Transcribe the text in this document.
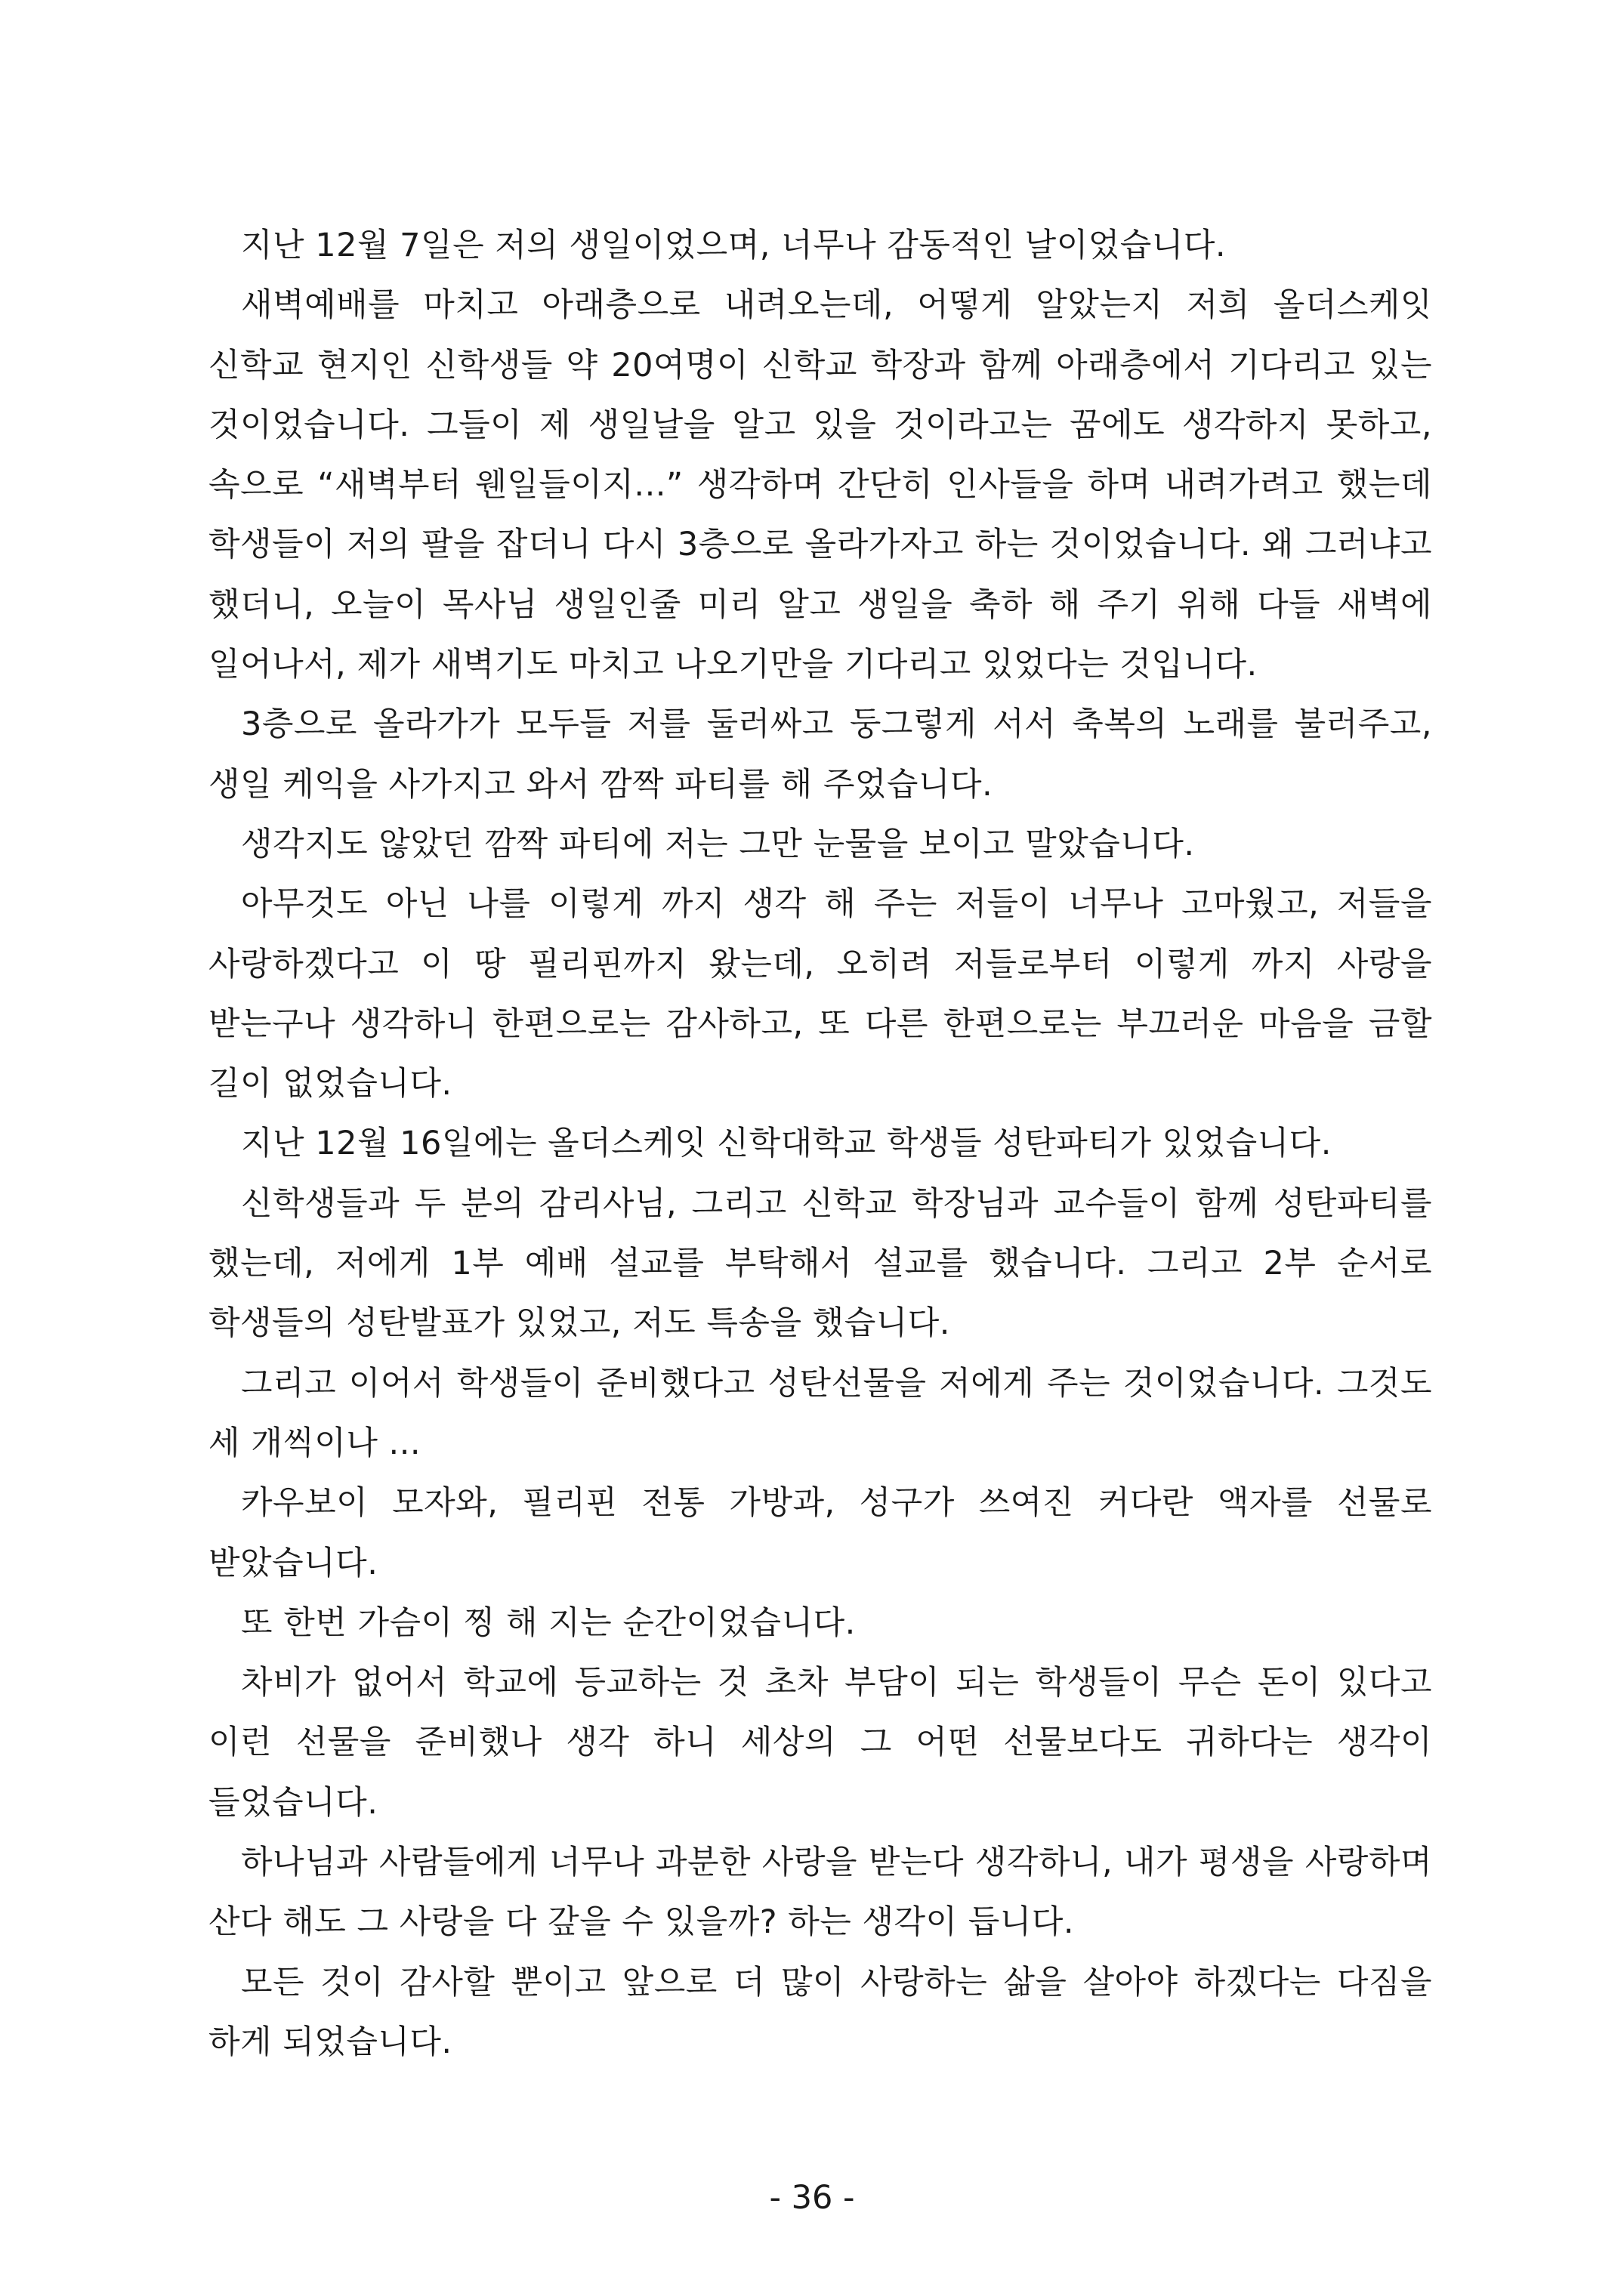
지난 12월 7일은 저의 생일이었으며, 너무나 감동적인 날이었습니다.

새벽예배를 마치고 아래층으로 내려오는데, 어떻게 알았는지 저희 올더스케잇 신학교 현지인 신학생들 약 20여명이 신학교 학장과 함께 아래층에서 기다리고 있는 것이었습니다. 그들이 제 생일날을 알고 있을 것이라고는 꿈에도 생각하지 못하고, 속으로 “새벽부터 웬일들이지...” 생각하며 간단히 인사들을 하며 내려가려고 했는데 학생들이 저의 팔을 잡더니 다시 3층으로 올라가자고 하는 것이었습니다. 왜 그러냐고 했더니, 오늘이 목사님 생일인줄 미리 알고 생일을 축하 해 주기 위해 다들 새벽에 일어나서, 제가 새벽기도 마치고 나오기만을 기다리고 있었다는 것입니다.

3층으로 올라가가 모두들 저를 둘러싸고 둥그렇게 서서 축복의 노래를 불러주고, 생일 케익을 사가지고 와서 깜짝 파티를 해 주었습니다.

생각지도 않았던 깜짝 파티에 저는 그만 눈물을 보이고 말았습니다.

아무것도 아닌 나를 이렇게 까지 생각 해 주는 저들이 너무나 고마웠고, 저들을 사랑하겠다고 이 땅 필리핀까지 왔는데, 오히려 저들로부터 이렇게 까지 사랑을 받는구나 생각하니 한편으로는 감사하고, 또 다른 한편으로는 부끄러운 마음을 금할 길이 없었습니다.

지난 12월 16일에는 올더스케잇 신학대학교 학생들 성탄파티가 있었습니다.

신학생들과 두 분의 감리사님, 그리고 신학교 학장님과 교수들이 함께 성탄파티를 했는데, 저에게 1부 예배 설교를 부탁해서 설교를 했습니다. 그리고 2부 순서로 학생들의 성탄발표가 있었고, 저도 특송을 했습니다.

그리고 이어서 학생들이 준비했다고 성탄선물을 저에게 주는 것이었습니다. 그것도 세 개씩이나 ...

카우보이 모자와, 필리핀 전통 가방과, 성구가 쓰여진 커다란 액자를 선물로 받았습니다.

또 한번 가슴이 찡 해 지는 순간이었습니다.

차비가 없어서 학교에 등교하는 것 초차 부담이 되는 학생들이 무슨 돈이 있다고 이런 선물을 준비했나 생각 하니 세상의 그 어떤 선물보다도 귀하다는 생각이 들었습니다.

하나님과 사람들에게 너무나 과분한 사랑을 받는다 생각하니, 내가 평생을 사랑하며 산다 해도 그 사랑을 다 갚을 수 있을까? 하는 생각이 듭니다.

모든 것이 감사할 뿐이고 앞으로 더 많이 사랑하는 삶을 살아야 하겠다는 다짐을 하게 되었습니다.

- 36 -
